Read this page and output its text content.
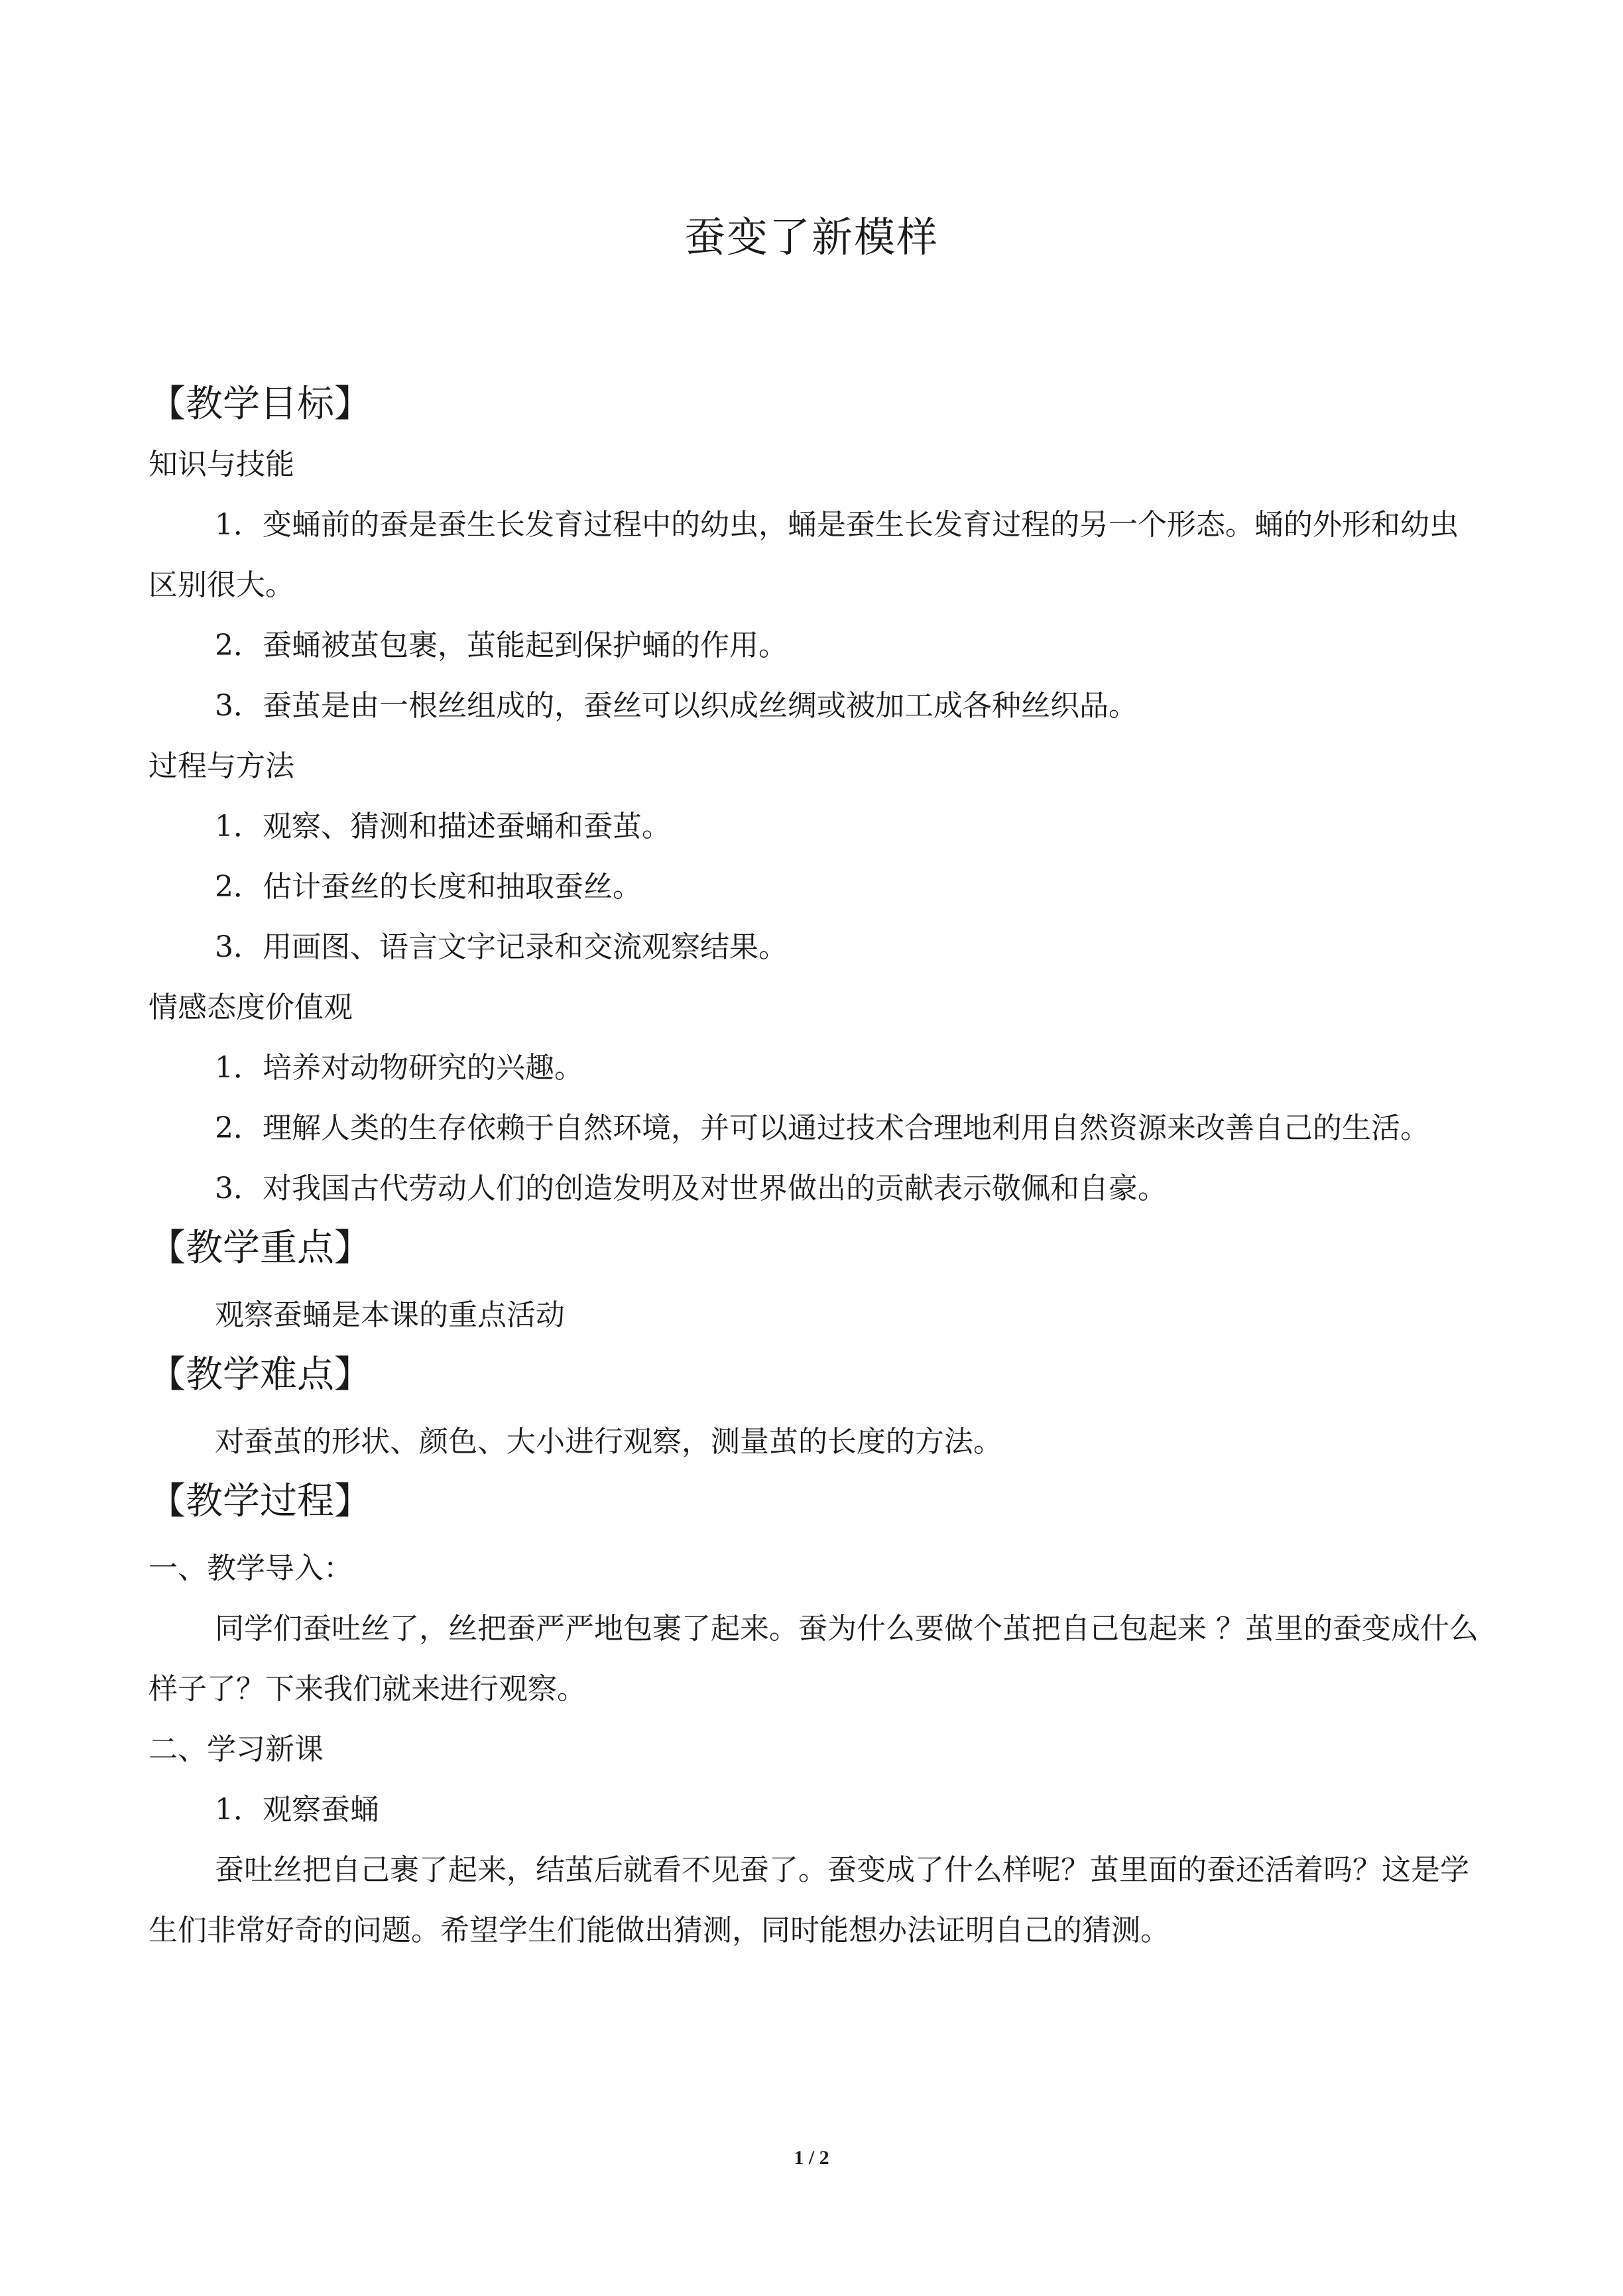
蚕变了新模样
【教学目标】
知识与技能
1．变蛹前的蚕是蚕生长发育过程中的幼虫，蛹是蚕生长发育过程的另一个形态。蛹的外形和幼虫区别很大。
2．蚕蛹被茧包裹，茧能起到保护蛹的作用。
3．蚕茧是由一根丝组成的，蚕丝可以织成丝绸或被加工成各种丝织品。
过程与方法
1．观察、猜测和描述蚕蛹和蚕茧。
2．估计蚕丝的长度和抽取蚕丝。
3．用画图、语言文字记录和交流观察结果。
情感态度价值观
1．培养对动物研究的兴趣。
2．理解人类的生存依赖于自然环境，并可以通过技术合理地利用自然资源来改善自己的生活。
3．对我国古代劳动人们的创造发明及对世界做出的贡献表示敬佩和自豪。
【教学重点】
观察蚕蛹是本课的重点活动
【教学难点】
对蚕茧的形状、颜色、大小进行观察，测量茧的长度的方法。
【教学过程】
一、教学导入：
同学们蚕吐丝了，丝把蚕严严地包裹了起来。蚕为什么要做个茧把自己包起来 ？茧里的蚕变成什么样子了？下来我们就来进行观察。
二、学习新课
1．观察蚕蛹
蚕吐丝把自己裹了起来，结茧后就看不见蚕了。蚕变成了什么样呢？茧里面的蚕还活着吗？这是学生们非常好奇的问题。希望学生们能做出猜测，同时能想办法证明自己的猜测。
1 / 2
